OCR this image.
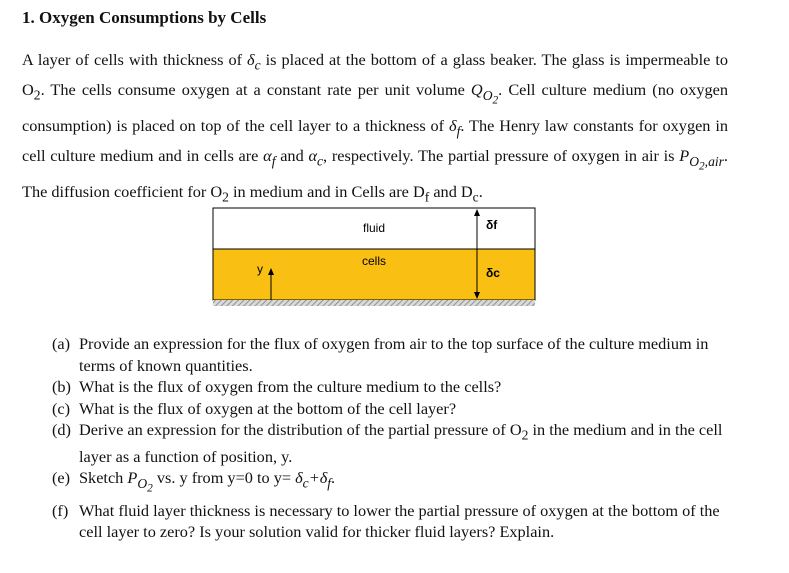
1. Oxygen Consumptions by Cells

A layer of cells with thickness of $\delta_c$ is placed at the bottom of a glass beaker. The glass is impermeable to $O_2$. The cells consume oxygen at a constant rate per unit volume $Q_{O_2}$. Cell culture medium (no oxygen consumption) is placed on top of the cell layer to a thickness of $\delta_f$. The Henry law constants for oxygen in cell culture medium and in cells are $\alpha_f$ and $\alpha_c$, respectively. The partial pressure of oxygen in air is $P_{O_2,air}$. The diffusion coefficient for $O_2$ in medium and in Cells are $D_f$ and $D_c$.

y
fluid
cells
δf
δc
(a) Provide an expression for the flux of oxygen from air to the top surface of the culture medium in terms of known quantities.
(b) What is the flux of oxygen from the culture medium to the cells?
(c) What is the flux of oxygen at the bottom of the cell layer?
(d) Derive an expression for the distribution of the partial pressure of $O_2$ in the medium and in the cell layer as a function of position, y.
(e) Sketch $P_{O_2}$ vs. y from y=0 to $y= \delta_c+\delta_f$.
(f) What fluid layer thickness is necessary to lower the partial pressure of oxygen at the bottom of the cell layer to zero? Is your solution valid for thicker fluid layers? Explain.
